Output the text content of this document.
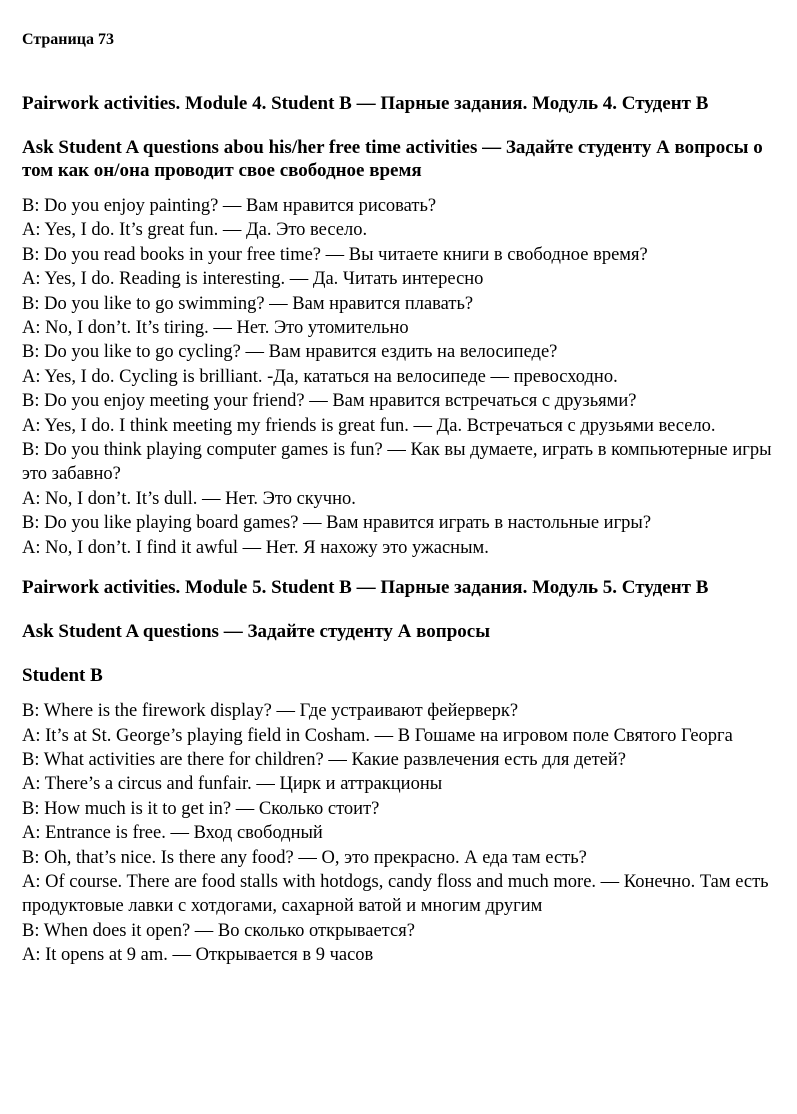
Страница 73

Pairwork activities. Module 4. Student B — Парные задания. Модуль 4. Студент B
Ask Student A questions abou his/her free time activities — Задайте студенту А вопросы о том как он/она проводит свое свободное время
B: Do you enjoy painting? — Вам нравится рисовать?
A: Yes, I do. It’s great fun. — Да. Это весело.
B: Do you read books in your free time? — Вы читаете книги в свободное время?
A: Yes, I do. Reading is interesting. — Да. Читать интересно
B: Do you like to go swimming? — Вам нравится плавать?
A: No, I don’t. It’s tiring. — Нет. Это утомительно
B: Do you like to go cycling? — Вам нравится ездить на велосипеде?
A: Yes, I do. Cycling is brilliant. -Да, кататься на велосипеде — превосходно.
B: Do you enjoy meeting your friend? — Вам нравится встречаться с друзьями?
A: Yes, I do. I think meeting my friends is great fun. — Да. Встречаться с друзьями весело.
B: Do you think playing computer games is fun? — Как вы думаете, играть в компьютерные игры это забавно?
A: No, I don’t. It’s dull. — Нет. Это скучно.
B: Do you like playing board games? — Вам нравится играть в настольные игры?
A: No, I don’t. I find it awful — Нет. Я нахожу это ужасным.
Pairwork activities. Module 5. Student B — Парные задания. Модуль 5. Студент B
Ask Student A questions — Задайте студенту А вопросы
Student B
B: Where is the firework display? — Где устраивают фейерверк?
A: It’s at St. George’s playing field in Cosham. — В Гошаме на игровом поле Святого Георга
B: What activities are there for children? — Какие развлечения есть для детей?
A: There’s a circus and funfair. — Цирк и аттракционы
B: How much is it to get in? — Сколько стоит?
A: Entrance is free. — Вход свободный
B: Oh, that’s nice. Is there any food? — О, это прекрасно. А еда там есть?
A: Of course. There are food stalls with hotdogs, candy floss and much more. — Конечно. Там есть продуктовые лавки с хотдогами, сахарной ватой и многим другим
B: When does it open? — Во сколько открывается?
A: It opens at 9 am. — Открывается в 9 часов
